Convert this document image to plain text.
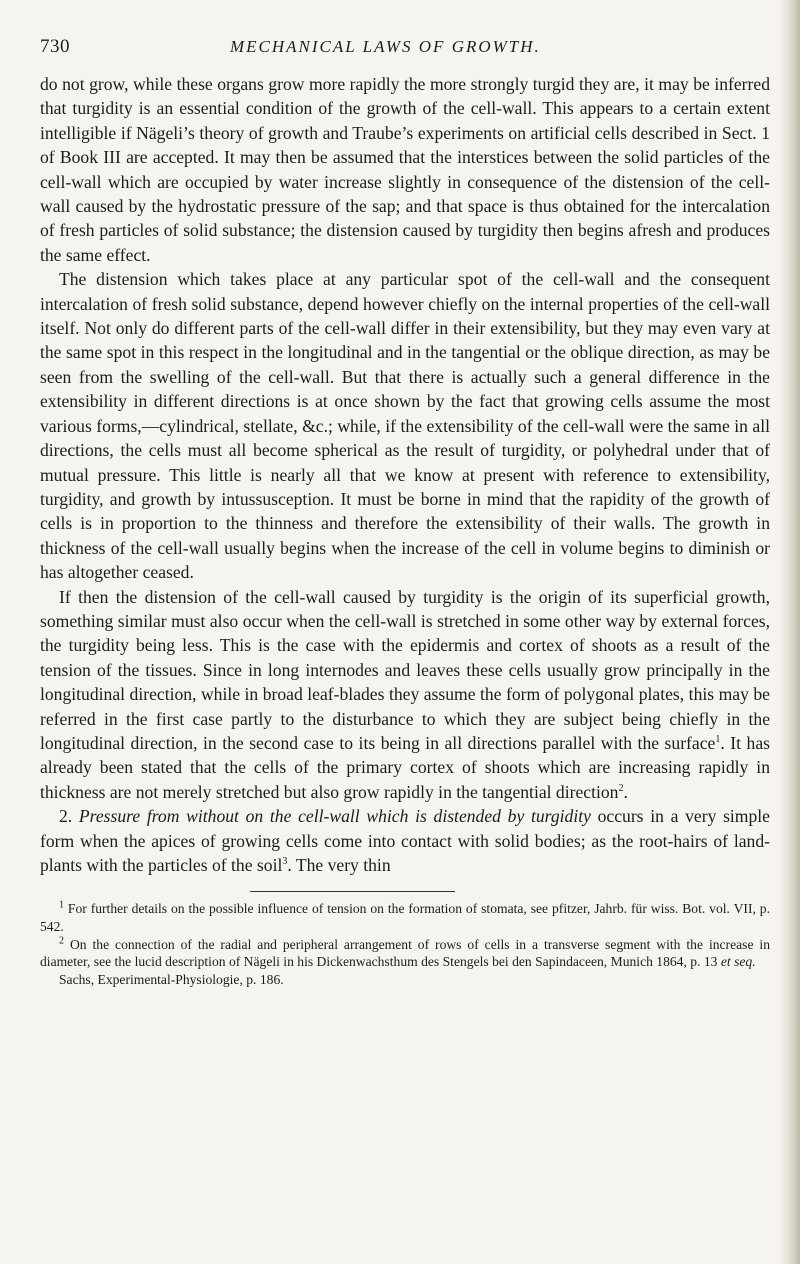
730	MECHANICAL LAWS OF GROWTH.

do not grow, while these organs grow more rapidly the more strongly turgid they are, it may be inferred that turgidity is an essential condition of the growth of the cell-wall. This appears to a certain extent intelligible if Nägeli’s theory of growth and Traube’s experiments on artificial cells described in Sect. 1 of Book III are accepted. It may then be assumed that the interstices between the solid particles of the cell-wall which are occupied by water increase slightly in consequence of the distension of the cell-wall caused by the hydrostatic pressure of the sap; and that space is thus obtained for the intercalation of fresh particles of solid substance; the distension caused by turgidity then begins afresh and produces the same effect.

The distension which takes place at any particular spot of the cell-wall and the consequent intercalation of fresh solid substance, depend however chiefly on the internal properties of the cell-wall itself. Not only do different parts of the cell-wall differ in their extensibility, but they may even vary at the same spot in this respect in the longitudinal and in the tangential or the oblique direction, as may be seen from the swelling of the cell-wall. But that there is actually such a general difference in the extensibility in different directions is at once shown by the fact that growing cells assume the most various forms,—cylindrical, stellate, &c.; while, if the extensibility of the cell-wall were the same in all directions, the cells must all become spherical as the result of turgidity, or polyhedral under that of mutual pressure. This little is nearly all that we know at present with reference to extensibility, turgidity, and growth by intussusception. It must be borne in mind that the rapidity of the growth of cells is in proportion to the thinness and therefore the extensibility of their walls. The growth in thickness of the cell-wall usually begins when the increase of the cell in volume begins to diminish or has altogether ceased.

If then the distension of the cell-wall caused by turgidity is the origin of its superficial growth, something similar must also occur when the cell-wall is stretched in some other way by external forces, the turgidity being less. This is the case with the epidermis and cortex of shoots as a result of the tension of the tissues. Since in long internodes and leaves these cells usually grow principally in the longitudinal direction, while in broad leaf-blades they assume the form of polygonal plates, this may be referred in the first case partly to the disturbance to which they are subject being chiefly in the longitudinal direction, in the second case to its being in all directions parallel with the surface$^1$. It has already been stated that the cells of the primary cortex of shoots which are increasing rapidly in thickness are not merely stretched but also grow rapidly in the tangential direction$^2$.

2. Pressure from without on the cell-wall which is distended by turgidity occurs in a very simple form when the apices of growing cells come into contact with solid bodies; as the root-hairs of land-plants with the particles of the soil$^3$. The very thin

$^1$ For further details on the possible influence of tension on the formation of stomata, see pfitzer, Jahrb. für wiss. Bot. vol. VII, p. 542.

$^2$ On the connection of the radial and peripheral arrangement of rows of cells in a transverse segment with the increase in diameter, see the lucid description of Nägeli in his Dickenwachsthum des Stengels bei den Sapindaceen, Munich 1864, p. 13 et seq.

Sachs, Experimental-Physiologie, p. 186.
